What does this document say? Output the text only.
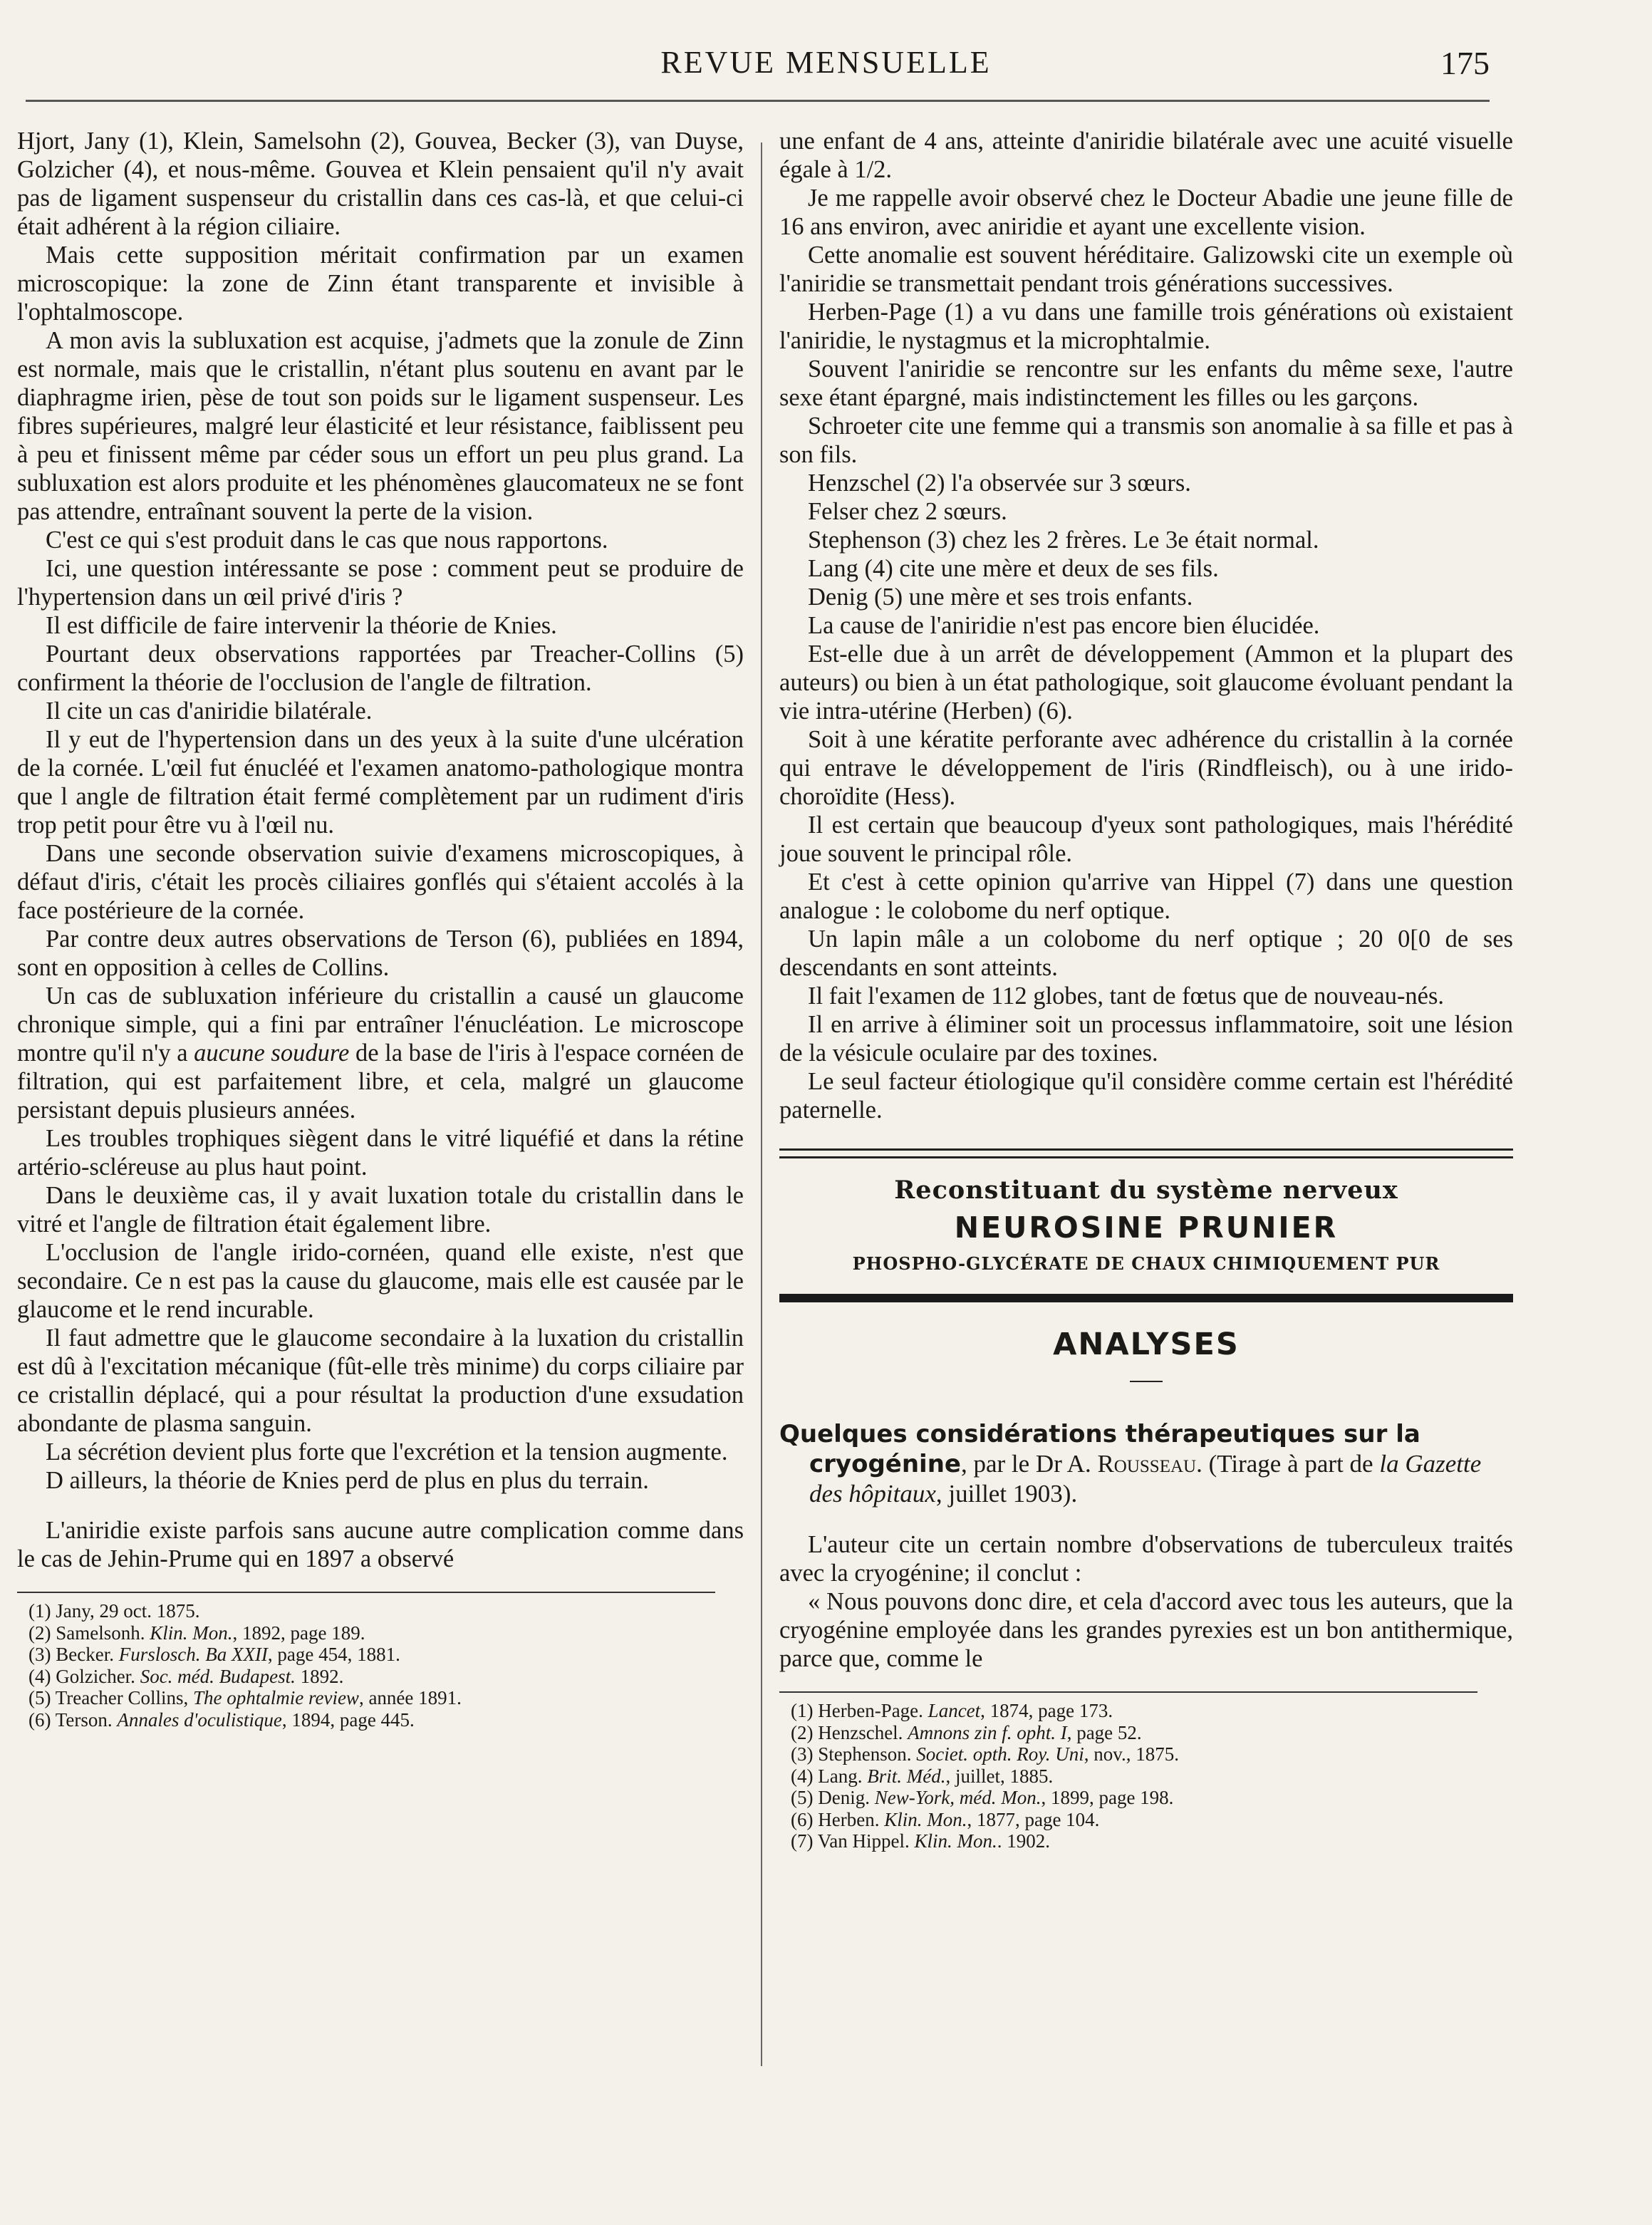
REVUE MENSUELLE	175

Hjort, Jany (1), Klein, Samelsohn (2), Gouvea, Becker (3), van Duyse, Golzicher (4), et nous-même. Gouvea et Klein pensaient qu'il n'y avait pas de ligament suspenseur du cristallin dans ces cas-là, et que celui-ci était adhérent à la région ciliaire.

Mais cette supposition méritait confirmation par un examen microscopique: la zone de Zinn étant transparente et invisible à l'ophtalmoscope.

A mon avis la subluxation est acquise, j'admets que la zonule de Zinn est normale, mais que le cristallin, n'étant plus soutenu en avant par le diaphragme irien, pèse de tout son poids sur le ligament suspenseur. Les fibres supérieures, malgré leur élasticité et leur résistance, faiblissent peu à peu et finissent même par céder sous un effort un peu plus grand. La subluxation est alors produite et les phénomènes glaucomateux ne se font pas attendre, entraînant souvent la perte de la vision.

C'est ce qui s'est produit dans le cas que nous rapportons.

Ici, une question intéressante se pose : comment peut se produire de l'hypertension dans un œil privé d'iris ?

Il est difficile de faire intervenir la théorie de Knies.

Pourtant deux observations rapportées par Treacher-Collins (5) confirment la théorie de l'occlusion de l'angle de filtration.

Il cite un cas d'aniridie bilatérale.

Il y eut de l'hypertension dans un des yeux à la suite d'une ulcération de la cornée. L'œil fut énucléé et l'examen anatomo-pathologique montra que l angle de filtration était fermé complètement par un rudiment d'iris trop petit pour être vu à l'œil nu.

Dans une seconde observation suivie d'examens microscopiques, à défaut d'iris, c'était les procès ciliaires gonflés qui s'étaient accolés à la face postérieure de la cornée.

Par contre deux autres observations de Terson (6), publiées en 1894, sont en opposition à celles de Collins.

Un cas de subluxation inférieure du cristallin a causé un glaucome chronique simple, qui a fini par entraîner l'énucléation. Le microscope montre qu'il n'y a aucune soudure de la base de l'iris à l'espace cornéen de filtration, qui est parfaitement libre, et cela, malgré un glaucome persistant depuis plusieurs années.

Les troubles trophiques siègent dans le vitré liquéfié et dans la rétine artério-scléreuse au plus haut point.

Dans le deuxième cas, il y avait luxation totale du cristallin dans le vitré et l'angle de filtration était également libre.

L'occlusion de l'angle irido-cornéen, quand elle existe, n'est que secondaire. Ce n est pas la cause du glaucome, mais elle est causée par le glaucome et le rend incurable.

Il faut admettre que le glaucome secondaire à la luxation du cristallin est dû à l'excitation mécanique (fût-elle très minime) du corps ciliaire par ce cristallin déplacé, qui a pour résultat la production d'une exsudation abondante de plasma sanguin.

La sécrétion devient plus forte que l'excrétion et la tension augmente.

D ailleurs, la théorie de Knies perd de plus en plus du terrain.

L'aniridie existe parfois sans aucune autre complication comme dans le cas de Jehin-Prume qui en 1897 a observé

(1) Jany, 29 oct. 1875.
(2) Samelsonh. Klin. Mon., 1892, page 189.
(3) Becker. Furslosch. Ba XXII, page 454, 1881.
(4) Golzicher. Soc. méd. Budapest. 1892.
(5) Treacher Collins, The ophtalmie review, année 1891.
(6) Terson. Annales d'oculistique, 1894, page 445.

une enfant de 4 ans, atteinte d'aniridie bilatérale avec une acuité visuelle égale à 1/2.

Je me rappelle avoir observé chez le Docteur Abadie une jeune fille de 16 ans environ, avec aniridie et ayant une excellente vision.

Cette anomalie est souvent héréditaire. Galizowski cite un exemple où l'aniridie se transmettait pendant trois générations successives.

Herben-Page (1) a vu dans une famille trois générations où existaient l'aniridie, le nystagmus et la microphtalmie.

Souvent l'aniridie se rencontre sur les enfants du même sexe, l'autre sexe étant épargné, mais indistinctement les filles ou les garçons.

Schroeter cite une femme qui a transmis son anomalie à sa fille et pas à son fils.

Henzschel (2) l'a observée sur 3 sœurs.

Felser chez 2 sœurs.

Stephenson (3) chez les 2 frères. Le 3e était normal.

Lang (4) cite une mère et deux de ses fils.

Denig (5) une mère et ses trois enfants.

La cause de l'aniridie n'est pas encore bien élucidée.

Est-elle due à un arrêt de développement (Ammon et la plupart des auteurs) ou bien à un état pathologique, soit glaucome évoluant pendant la vie intra-utérine (Herben) (6).

Soit à une kératite perforante avec adhérence du cristallin à la cornée qui entrave le développement de l'iris (Rindfleisch), ou à une irido-choroïdite (Hess).

Il est certain que beaucoup d'yeux sont pathologiques, mais l'hérédité joue souvent le principal rôle.

Et c'est à cette opinion qu'arrive van Hippel (7) dans une question analogue : le colobome du nerf optique.

Un lapin mâle a un colobome du nerf optique ; 20 0[0 de ses descendants en sont atteints.

Il fait l'examen de 112 globes, tant de fœtus que de nouveau-nés.

Il en arrive à éliminer soit un processus inflammatoire, soit une lésion de la vésicule oculaire par des toxines.

Le seul facteur étiologique qu'il considère comme certain est l'hérédité paternelle.

Reconstituant du système nerveux
NEUROSINE PRUNIER
PHOSPHO-GLYCÉRATE DE CHAUX CHIMIQUEMENT PUR
ANALYSES

Quelques considérations thérapeutiques sur la cryogénine, par le Dr A. Rousseau. (Tirage à part de la Gazette des hôpitaux, juillet 1903).

L'auteur cite un certain nombre d'observations de tuberculeux traités avec la cryogénine; il conclut :

« Nous pouvons donc dire, et cela d'accord avec tous les auteurs, que la cryogénine employée dans les grandes pyrexies est un bon antithermique, parce que, comme le

(1) Herben-Page. Lancet, 1874, page 173.
(2) Henzschel. Amnons zin f. opht. I, page 52.
(3) Stephenson. Societ. opth. Roy. Uni, nov., 1875.
(4) Lang. Brit. Méd., juillet, 1885.
(5) Denig. New-York, méd. Mon., 1899, page 198.
(6) Herben. Klin. Mon., 1877, page 104.
(7) Van Hippel. Klin. Mon.. 1902.
